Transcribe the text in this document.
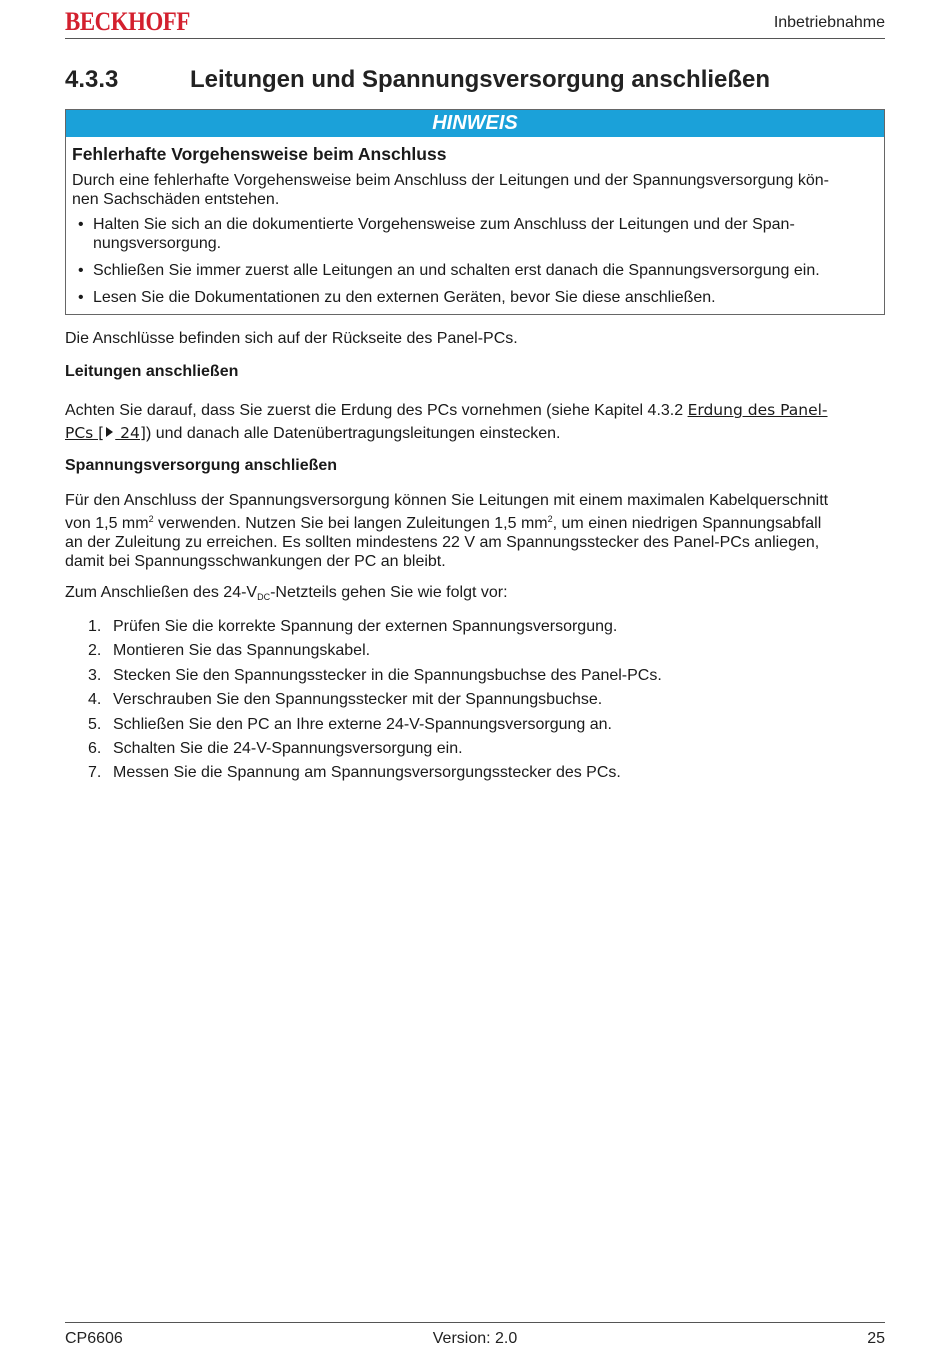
BECKHOFF	Inbetriebnahme
4.3.3	Leitungen und Spannungsversorgung anschließen
HINWEIS
Fehlerhafte Vorgehensweise beim Anschluss
Durch eine fehlerhafte Vorgehensweise beim Anschluss der Leitungen und der Spannungsversorgung kön-
nen Sachschäden entstehen.
• Halten Sie sich an die dokumentierte Vorgehensweise zum Anschluss der Leitungen und der Span-nungsversorgung.
• Schließen Sie immer zuerst alle Leitungen an und schalten erst danach die Spannungsversorgung ein.
• Lesen Sie die Dokumentationen zu den externen Geräten, bevor Sie diese anschließen.
Die Anschlüsse befinden sich auf der Rückseite des Panel-PCs.
Leitungen anschließen
Achten Sie darauf, dass Sie zuerst die Erdung des PCs vornehmen (siehe Kapitel 4.3.2 Erdung des Panel-
PCs [ 24]) und danach alle Datenübertragungsleitungen einstecken.
Spannungsversorgung anschließen
Für den Anschluss der Spannungsversorgung können Sie Leitungen mit einem maximalen Kabelquerschnitt
von 1,5 $mm^2$ verwenden. Nutzen Sie bei langen Zuleitungen 1,5 $mm^2$, um einen niedrigen Spannungsabfall
an der Zuleitung zu erreichen. Es sollten mindestens 22 V am Spannungsstecker des Panel-PCs anliegen,
damit bei Spannungsschwankungen der PC an bleibt.
Zum Anschließen des $24-V_{DC}$-Netzteils gehen Sie wie folgt vor:
1. Prüfen Sie die korrekte Spannung der externen Spannungsversorgung.
2. Montieren Sie das Spannungskabel.
3. Stecken Sie den Spannungsstecker in die Spannungsbuchse des Panel-PCs.
4. Verschrauben Sie den Spannungsstecker mit der Spannungsbuchse.
5. Schließen Sie den PC an Ihre externe 24-V-Spannungsversorgung an.
6. Schalten Sie die 24-V-Spannungsversorgung ein.
7. Messen Sie die Spannung am Spannungsversorgungsstecker des PCs.
CP6606	Version: 2.0	25
